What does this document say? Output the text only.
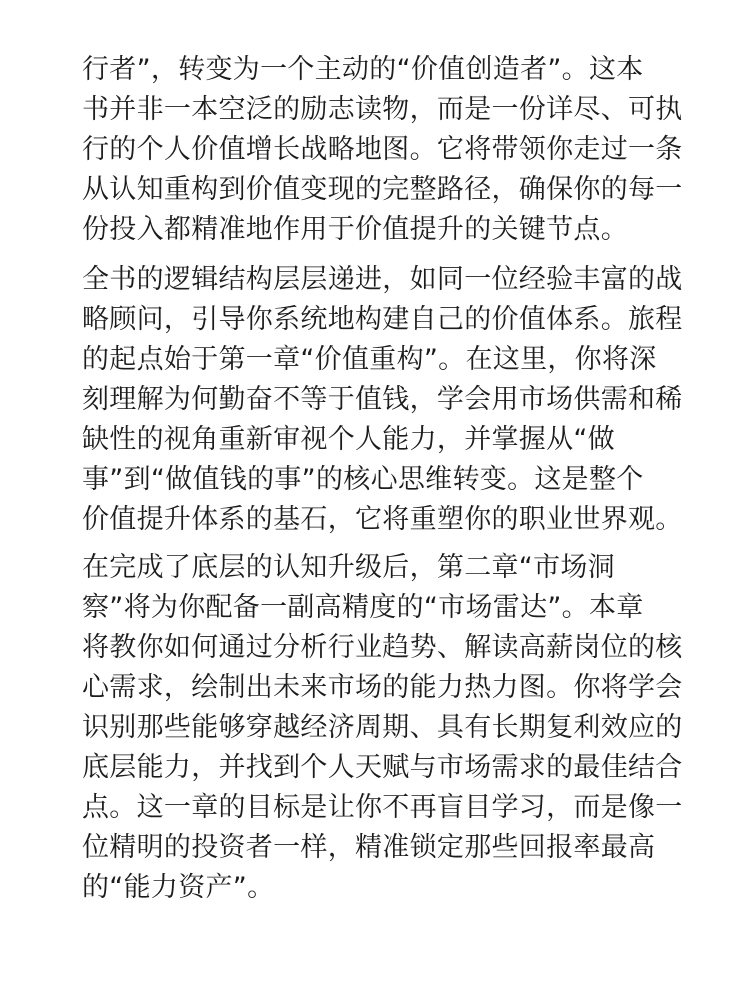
行者”，转变为一个主动的“价值创造者”。这本
书并非一本空泛的励志读物，而是一份详尽、可执
行的个人价值增长战略地图。它将带领你走过一条
从认知重构到价值变现的完整路径，确保你的每一
份投入都精准地作用于价值提升的关键节点。
全书的逻辑结构层层递进，如同一位经验丰富的战
略顾问，引导你系统地构建自己的价值体系。旅程
的起点始于第一章“价值重构”。在这里，你将深
刻理解为何勤奋不等于值钱，学会用市场供需和稀
缺性的视角重新审视个人能力，并掌握从“做
事”到“做值钱的事”的核心思维转变。这是整个
价值提升体系的基石，它将重塑你的职业世界观。
在完成了底层的认知升级后，第二章“市场洞
察”将为你配备一副高精度的“市场雷达”。本章
将教你如何通过分析行业趋势、解读高薪岗位的核
心需求，绘制出未来市场的能力热力图。你将学会
识别那些能够穿越经济周期、具有长期复利效应的
底层能力，并找到个人天赋与市场需求的最佳结合
点。这一章的目标是让你不再盲目学习，而是像一
位精明的投资者一样，精准锁定那些回报率最高
的“能力资产”。
